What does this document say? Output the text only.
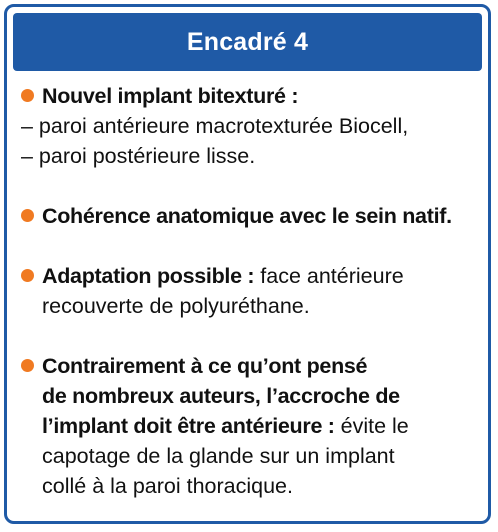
Encadré 4
Nouvel implant bitexturé :
– paroi antérieure macrotexturée Biocell,
– paroi postérieure lisse.
Cohérence anatomique avec le sein natif.
Adaptation possible : face antérieure
recouverte de polyuréthane.
Contrairement à ce qu’ont pensé
de nombreux auteurs, l’accroche de
l’implant doit être antérieure : évite le
capotage de la glande sur un implant
collé à la paroi thoracique.
